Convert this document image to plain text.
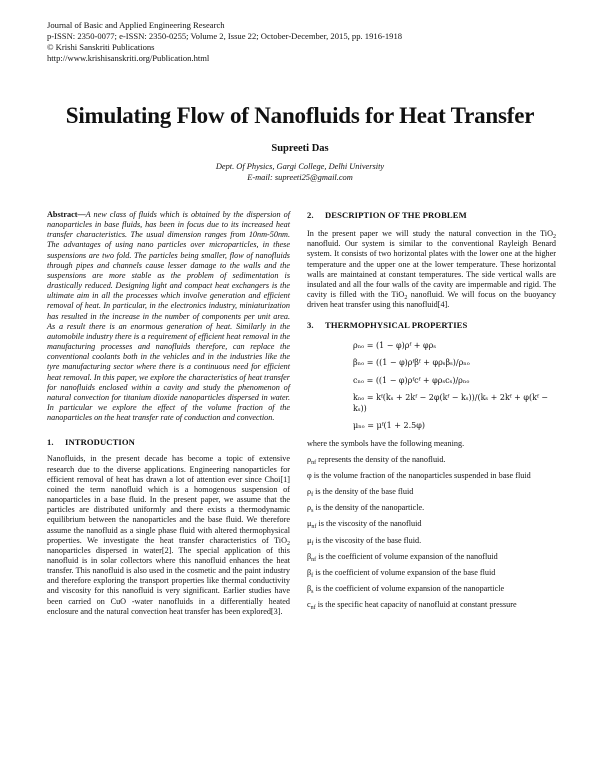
Journal of Basic and Applied Engineering Research
p-ISSN: 2350-0077; e-ISSN: 2350-0255; Volume 2, Issue 22; October-December, 2015, pp. 1916-1918
© Krishi Sanskriti Publications
http://www.krishisanskriti.org/Publication.html
Simulating Flow of Nanofluids for Heat Transfer
Supreeti Das
Dept. Of Physics, Gargi College, Delhi University
E-mail: supreeti25@gmail.com

Abstract—A new class of fluids which is obtained by the dispersion of nanoparticles in base fluids, has been in focus due to its increased heat transfer characteristics. The usual dimension ranges from 10nm-50nm. The advantages of using nano particles over microparticles, in these suspensions are two fold. The particles being smaller, flow of nanofluids through pipes and channels cause lesser damage to the walls and the suspensions are more stable as the problem of sedimentation is drastically reduced. Designing light and compact heat exchangers is the ultimate aim in all the processes which involve generation and efficient removal of heat. In particular, in the electronics industry, miniaturization has resulted in the increase in the number of components per unit area. As a result there is an enormous generation of heat. Similarly in the automobile industry there is a requirement of efficient heat removal in the manufacturing processes and nanofluids therefore, can replace the conventional coolants both in the vehicles and in the industries like the tyre manufacturing sector where there is a continuous need for efficient heat removal. In this paper, we explore the characteristics of heat transfer for nanofluids enclosed within a cavity and study the phenomenon of natural convection for titanium dioxide nanoparticles dispersed in water. In particular we explore the effect of the volume fraction of the nanoparticles on the heat transfer rate of conduction and convection.

1. INTRODUCTION

Nanofluids, in the present decade has become a topic of extensive research due to the diverse applications. Engineering nanoparticles for efficient removal of heat has drawn a lot of attention ever since Choi[1] coined the term nanofluid which is a homogenous suspension of nanoparticles in a base fluid. In the present paper, we assume that the particles are distributed uniformly and there exists a thermodynamic equilibrium between the nanoparticles and the base fluid. We therefore assume the nanofluid as a single phase fluid with altered thermophysical properties. We investigate the heat transfer characteristics of TiO$_2$ nanoparticles dispersed in water[2]. The special application of this nanofluid is in solar collectors where this nanofluid enhances the heat transfer. This nanofluid is also used in the cosmetic and the paint industry and therefore exploring the transport properties like thermal conductivity and viscosity for this nanofluid is very significant. Earlier studies have been carried on CuO -water nanofluids in a differentially heated enclosure and the natural convection heat transfer has been explored[3].

2. DESCRIPTION OF THE PROBLEM

In the present paper we will study the natural convection in the TiO$_2$ nanofluid. Our system is similar to the conventional Rayleigh Benard system. It consists of two horizontal plates with the lower one at the higher temperature and the upper one at the lower temperature. These horizontal walls are maintained at constant temperatures. The side vertical walls are insulated and all the four walls of the cavity are impermable and rigid. The cavity is filled with the TiO$_2$ nanofluid. We will focus on the buoyancy driven heat transfer using this nanofluid[4].

3. THERMOPHYSICAL PROPERTIES
ρₙₒ = (1 − φ)ρᶠ + φρₛ
βₙₒ = ((1 − φ)ρᶠβᶠ + φρₛβₛ)/ρₙₒ
cₙₒ = ((1 − φ)ρᶠcᶠ + φρₛcₛ)/ρₙₒ
kₙₒ = kᶠ(kₛ + 2kᶠ − 2φ(kᶠ − kₛ))/(kₛ + 2kᶠ + φ(kᶠ −
kₛ))
μₙₒ = μᶠ(1 + 2.5φ)

where the symbols have the following meaning.

$\rho_{nf}$ represents the density of the nanofluid.

φ is the volume fraction of the nanoparticles suspended in base fluid

$\rho_f$ is the density of the base fluid

$\rho_s$ is the density of the nanoparticle.

$\mu_{nf}$ is the viscosity of the nanofluid

$\mu_f$ is the viscosity of the base fluid.

$\beta_{nf}$ is the coefficient of volume expansion of the nanofluid

$\beta_f$ is the coefficient of volume expansion of the base fluid

$\beta_s$ is the coefficient of volume expansion of the nanoparticle

$c_{nf}$ is the specific heat capacity of nanofluid at constant pressure
